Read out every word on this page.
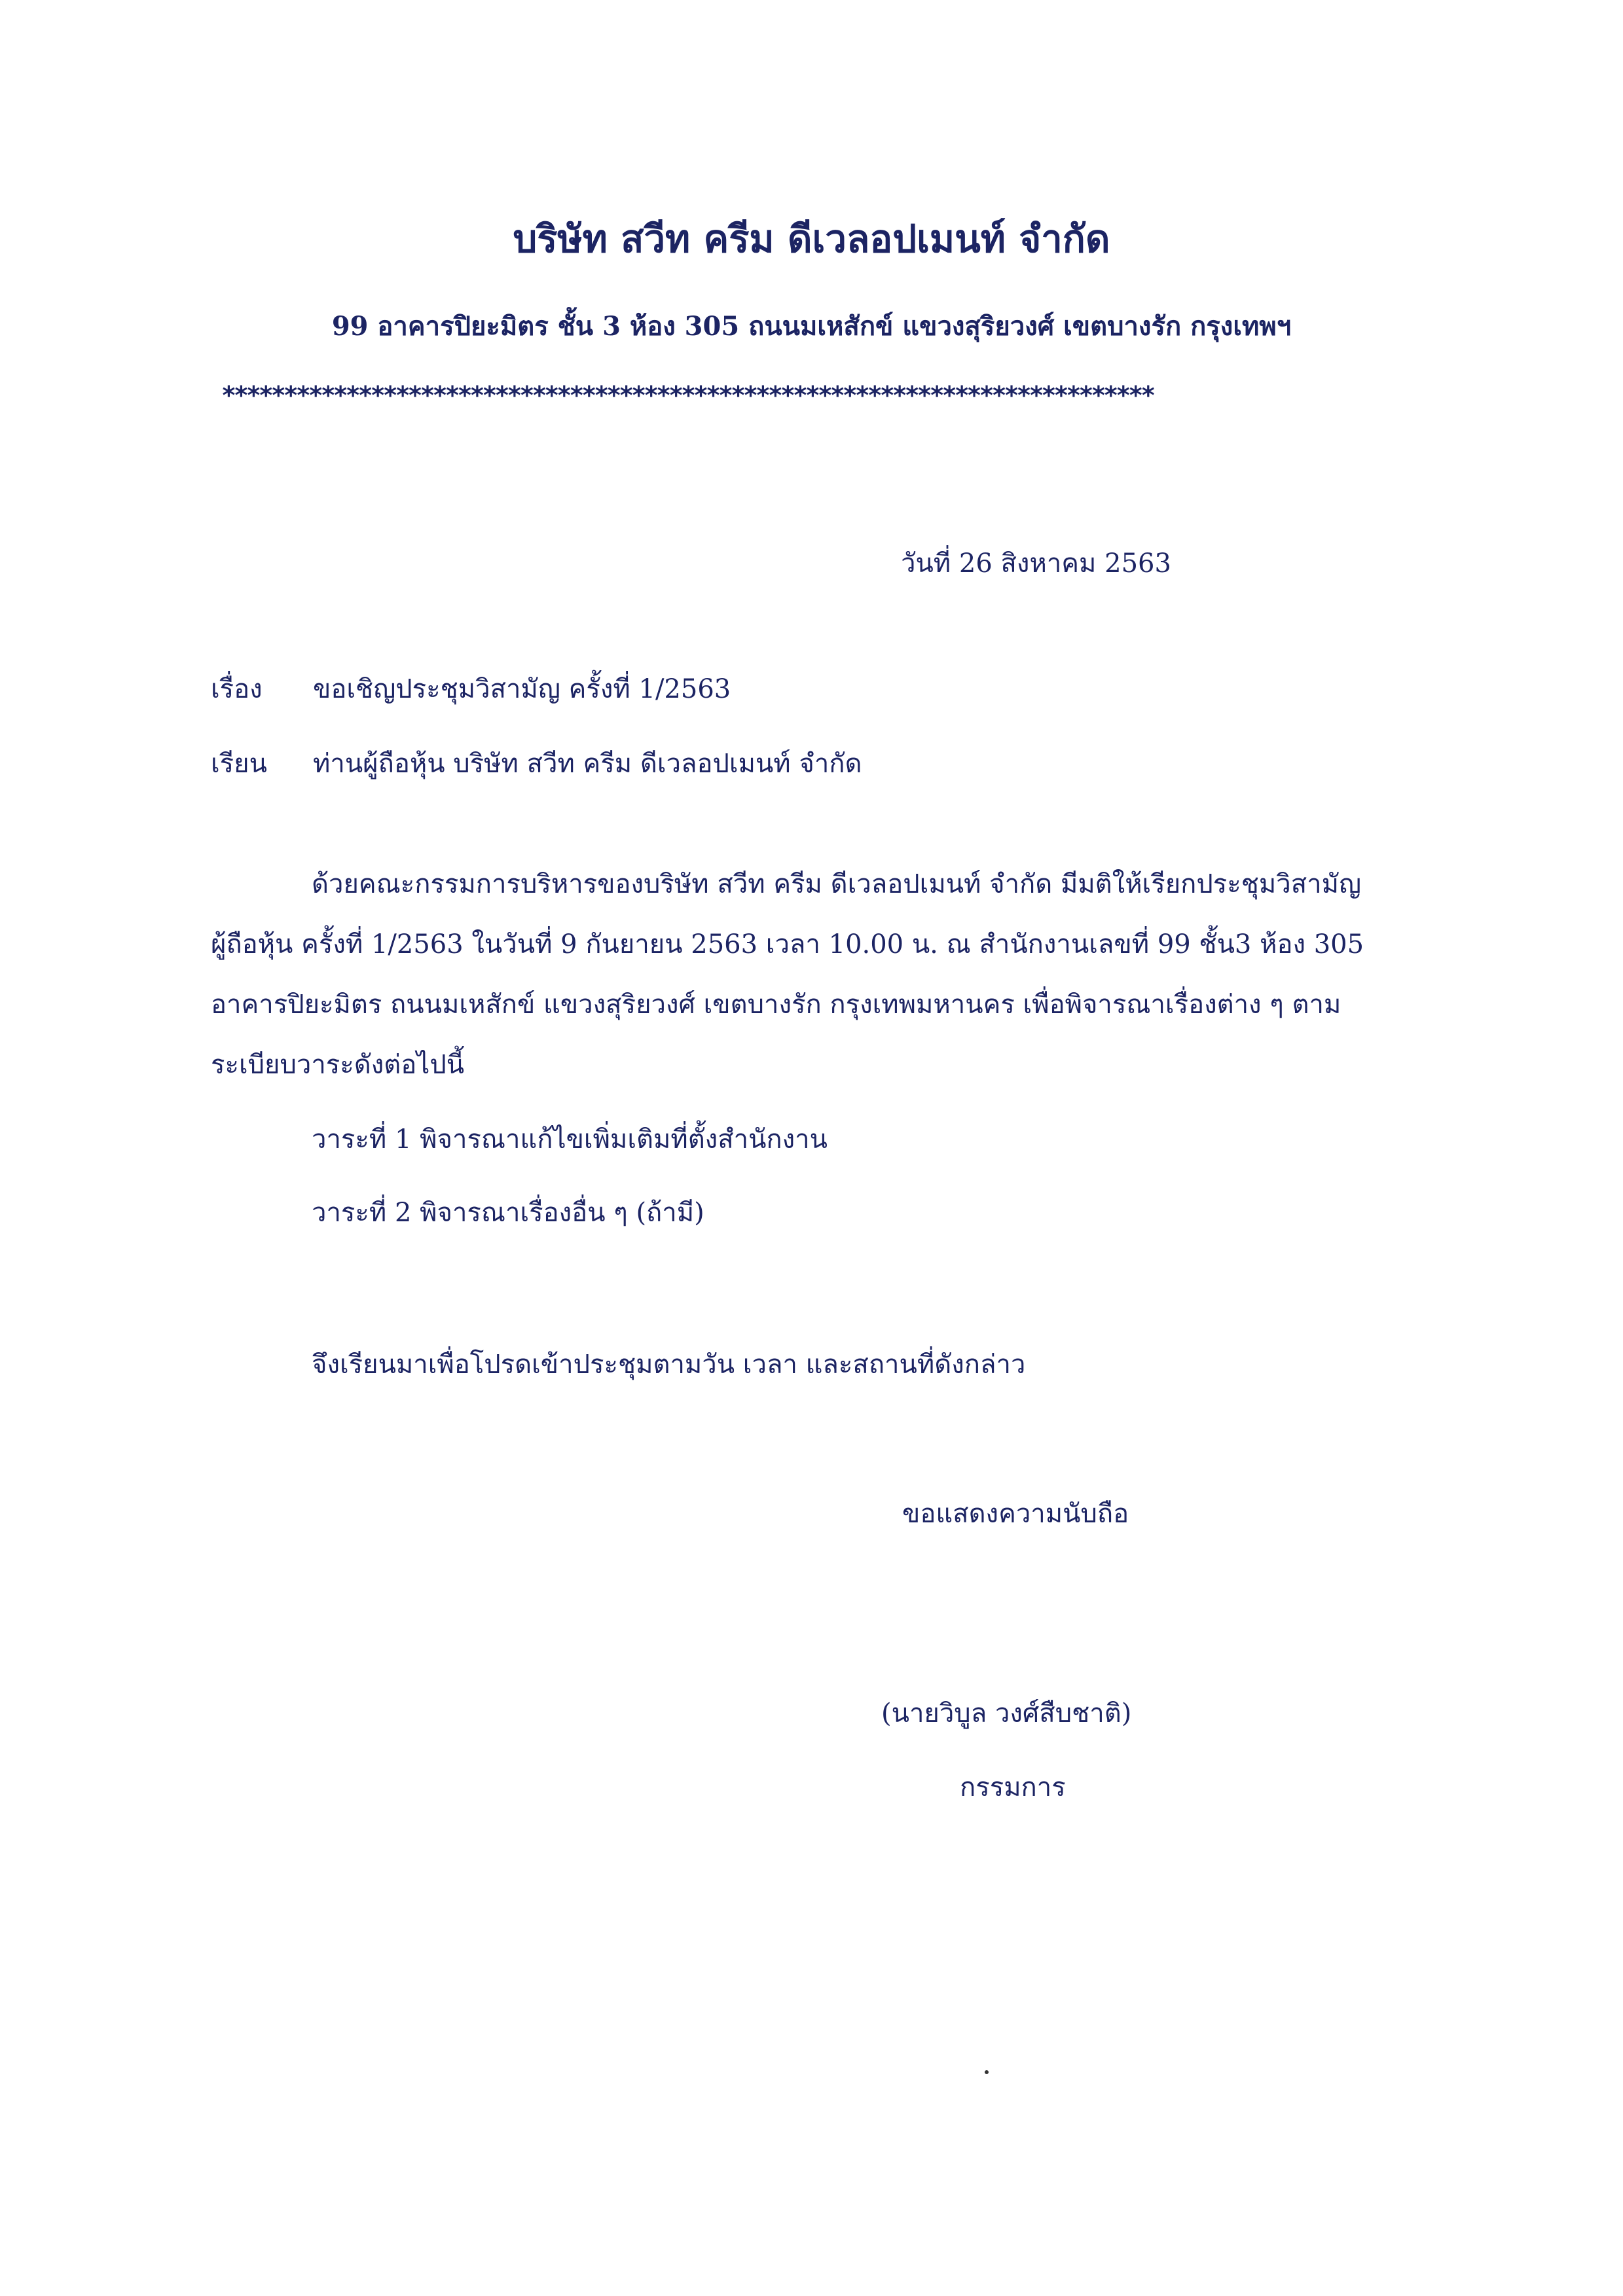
บริษัท สวีท ครีม ดีเวลอปเมนท์ จำกัด
99 อาคารปิยะมิตร ชั้น 3 ห้อง 305 ถนนมเหสักข์ แขวงสุริยวงศ์ เขตบางรัก กรุงเทพฯ
***************************************************************************
วันที่ 26 สิงหาคม 2563
เรื่อง ขอเชิญประชุมวิสามัญ ครั้งที่ 1/2563
เรียน ท่านผู้ถือหุ้น บริษัท สวีท ครีม ดีเวลอปเมนท์ จำกัด
ด้วยคณะกรรมการบริหารของบริษัท สวีท ครีม ดีเวลอปเมนท์ จำกัด มีมติให้เรียกประชุมวิสามัญ
ผู้ถือหุ้น ครั้งที่ 1/2563 ในวันที่ 9 กันยายน 2563 เวลา 10.00 น. ณ สำนักงานเลขที่ 99 ชั้น3 ห้อง 305
อาคารปิยะมิตร ถนนมเหสักข์ แขวงสุริยวงศ์ เขตบางรัก กรุงเทพมหานคร เพื่อพิจารณาเรื่องต่าง ๆ ตาม
ระเบียบวาระดังต่อไปนี้
วาระที่ 1 พิจารณาแก้ไขเพิ่มเติมที่ตั้งสำนักงาน
วาระที่ 2 พิจารณาเรื่องอื่น ๆ (ถ้ามี)
จึงเรียนมาเพื่อโปรดเข้าประชุมตามวัน เวลา และสถานที่ดังกล่าว
ขอแสดงความนับถือ
(นายวิบูล วงศ์สืบชาติ)
กรรมการ
